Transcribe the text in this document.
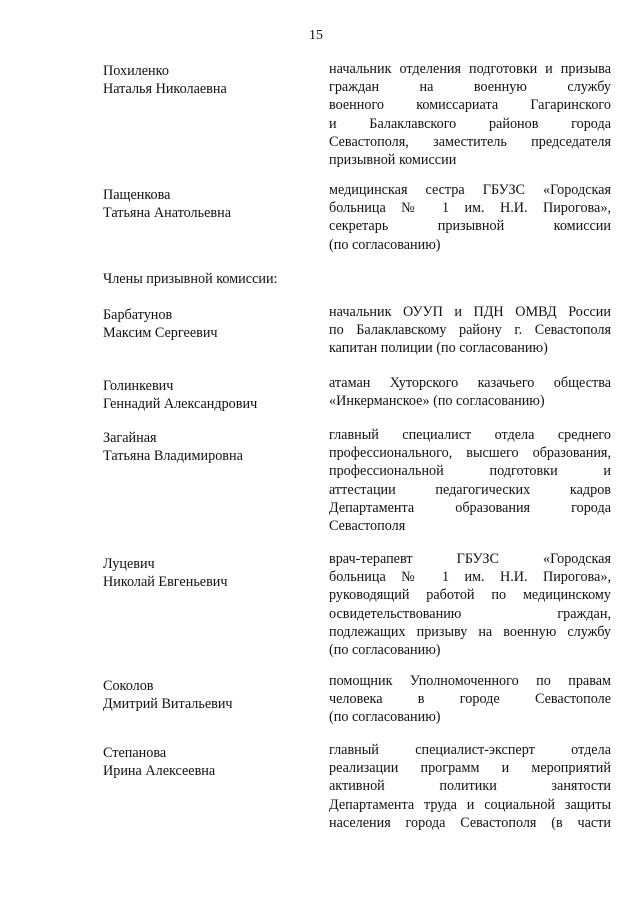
15
Члены призывной комиссии:
Похиленко
Наталья Николаевна
начальник отделения подготовки и призыва
граждан на военную службу
военного комиссариата Гагаринского
и Балаклавского районов города
Севастополя, заместитель председателя
призывной комиссии
Пащенкова
Татьяна Анатольевна
медицинская сестра ГБУЗС «Городская
больница № 1 им. Н.И. Пирогова»,
секретарь призывной комиссии
(по согласованию)
Барбатунов
Максим Сергеевич
начальник ОУУП и ПДН ОМВД России
по Балаклавскому району г. Севастополя
капитан полиции (по согласованию)
Голинкевич
Геннадий Александрович
атаман Хуторского казачьего общества
«Инкерманское» (по согласованию)
Загайная
Татьяна Владимировна
главный специалист отдела среднего
профессионального, высшего образования,
профессиональной подготовки и
аттестации педагогических кадров
Департамента образования города
Севастополя
Луцевич
Николай Евгеньевич
врач-терапевт ГБУЗС «Городская
больница № 1 им. Н.И. Пирогова»,
руководящий работой по медицинскому
освидетельствованию граждан,
подлежащих призыву на военную службу
(по согласованию)
Соколов
Дмитрий Витальевич
помощник Уполномоченного по правам
человека в городе Севастополе
(по согласованию)
Степанова
Ирина Алексеевна
главный специалист-эксперт отдела
реализации программ и мероприятий
активной политики занятости
Департамента труда и социальной защиты
населения города Севастополя (в части
